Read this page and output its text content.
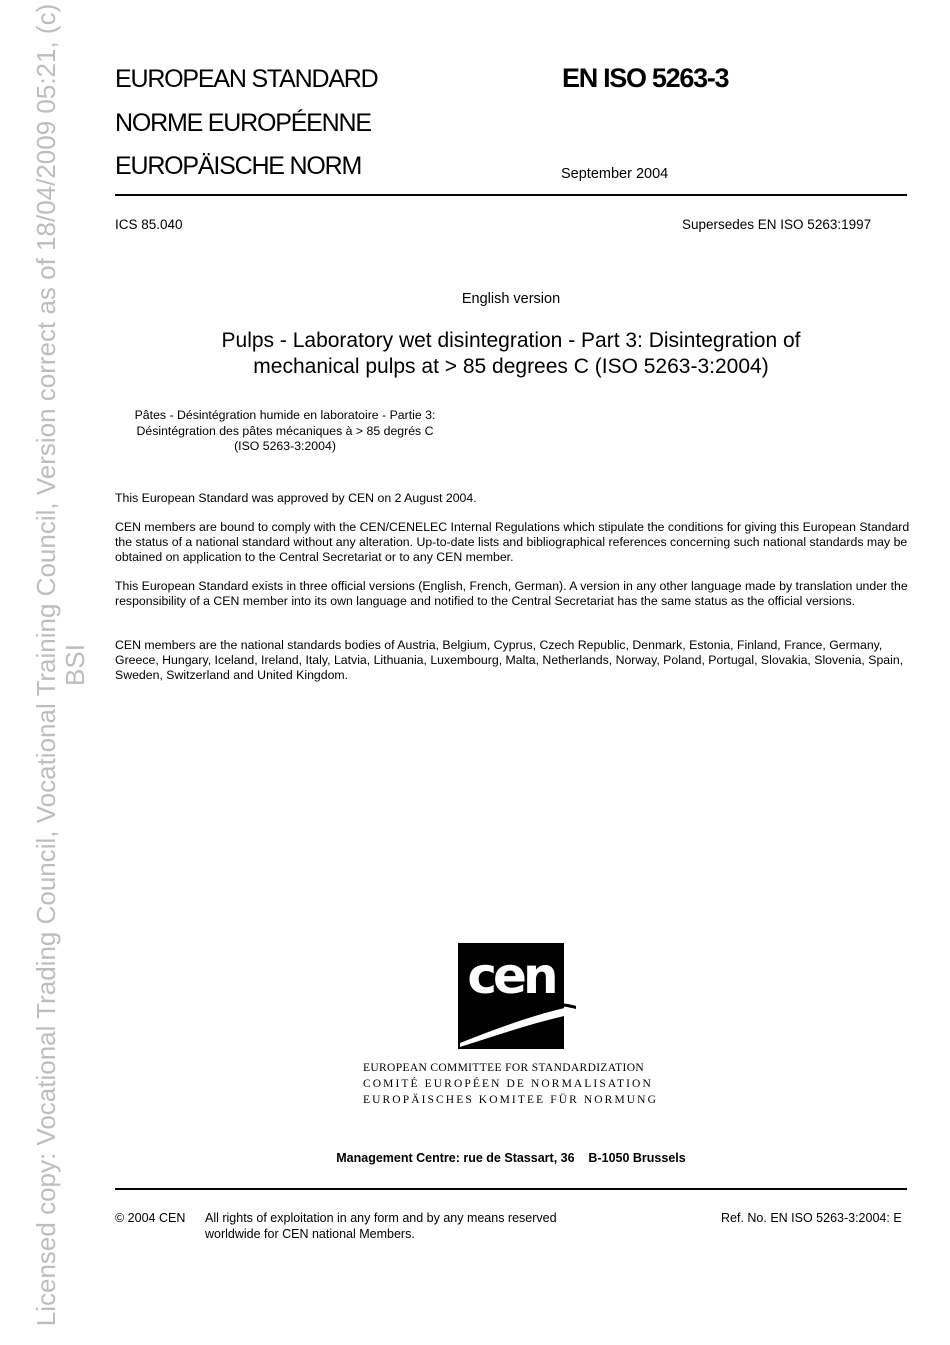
Licensed copy: Vocational Trading Council, Vocational Training Council, Version correct as of 18/04/2009 05:21, (c) BSI
EUROPEAN STANDARD
NORME EUROPÉENNE
EUROPÄISCHE NORM
EN ISO 5263-3
September 2004
ICS 85.040	Supersedes EN ISO 5263:1997
English version
Pulps - Laboratory wet disintegration - Part 3: Disintegration of mechanical pulps at > 85 degrees C (ISO 5263-3:2004)
Pâtes - Désintégration humide en laboratoire - Partie 3:
Désintégration des pâtes mécaniques à > 85 degrés C
(ISO 5263-3:2004)
This European Standard was approved by CEN on 2 August 2004.
CEN members are bound to comply with the CEN/CENELEC Internal Regulations which stipulate the conditions for giving this European Standard the status of a national standard without any alteration. Up-to-date lists and bibliographical references concerning such national standards may be obtained on application to the Central Secretariat or to any CEN member.
This European Standard exists in three official versions (English, French, German). A version in any other language made by translation under the responsibility of a CEN member into its own language and notified to the Central Secretariat has the same status as the official versions.
CEN members are the national standards bodies of Austria, Belgium, Cyprus, Czech Republic, Denmark, Estonia, Finland, France, Germany, Greece, Hungary, Iceland, Ireland, Italy, Latvia, Lithuania, Luxembourg, Malta, Netherlands, Norway, Poland, Portugal, Slovakia, Slovenia, Spain, Sweden, Switzerland and United Kingdom.
cen
EUROPEAN COMMITTEE FOR STANDARDIZATION
COMITÉ EUROPÉEN DE NORMALISATION
EUROPÄISCHES KOMITEE FÜR NORMUNG
Management Centre: rue de Stassart, 36    B-1050 Brussels
© 2004 CEN All rights of exploitation in any form and by any means reserved
worldwide for CEN national Members.
Ref. No. EN ISO 5263-3:2004: E
